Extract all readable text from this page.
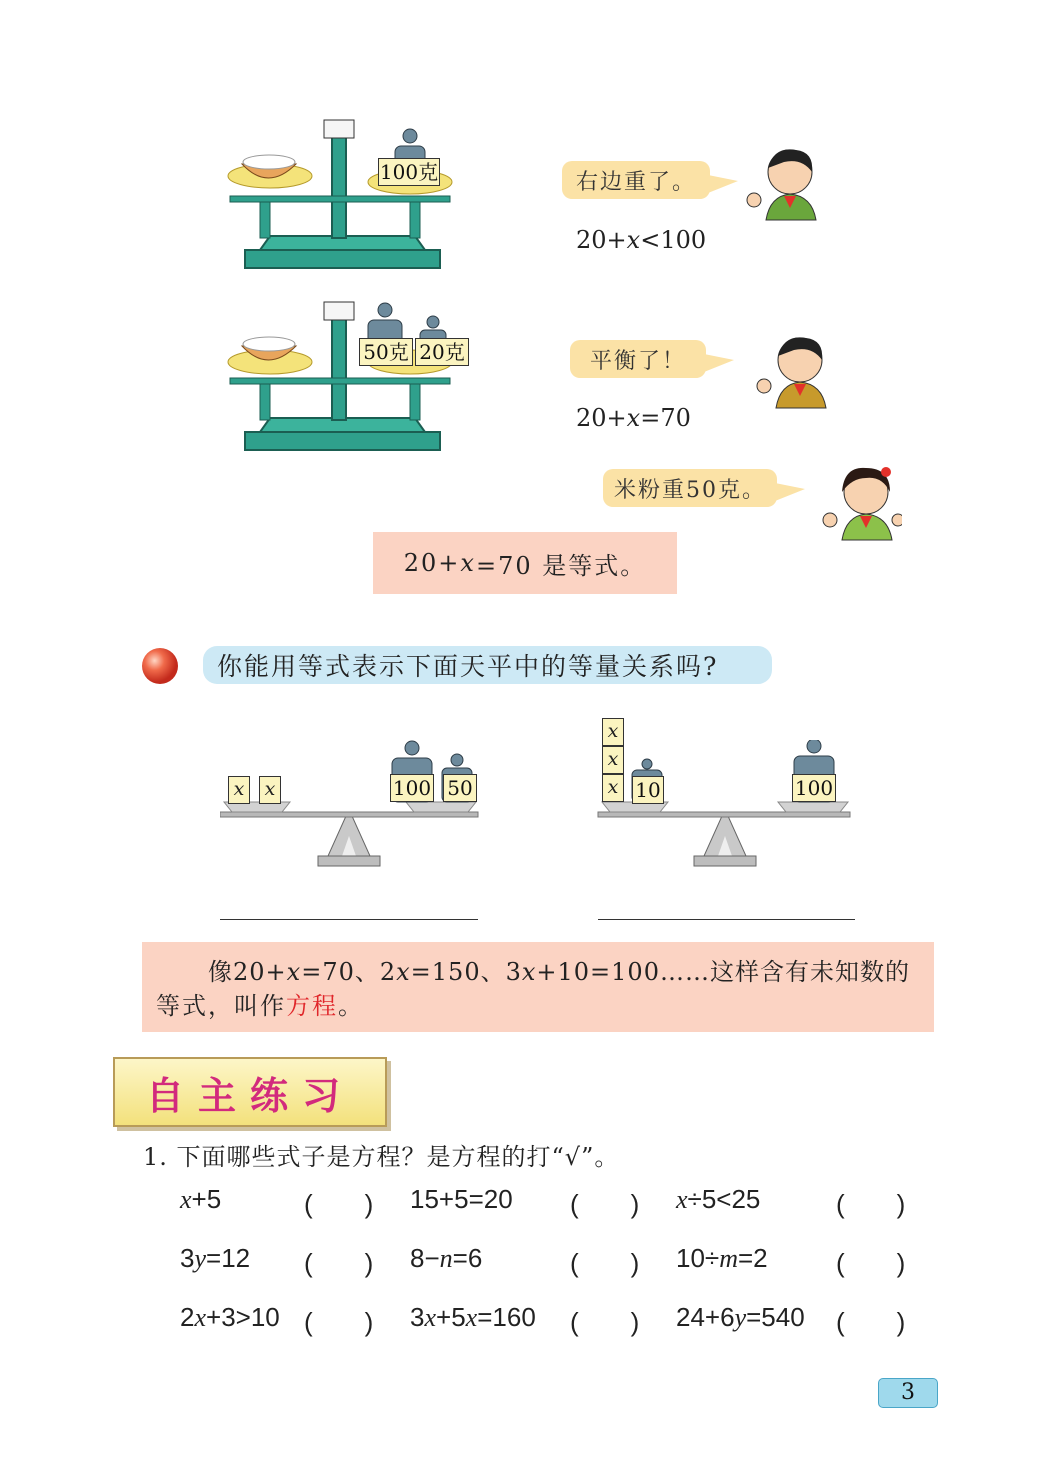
100克	右边重了。
20+x<100
50克 20克	平衡了！
20+x=70
米粉重50克。
20+ x =70 是等式。
你能用等式表示下面天平中的等量关系吗?
x x	100 50
x
x
x 10	100
像20+x=70、2x=150、3x+10=100……这样含有未知数的
等式，叫作方程。
自主练习
1. 下面哪些式子是方程？是方程的打“√”。
x+5	(　　) 15+5=20 (　　) x÷5<25	(　　)
3y=12 (　　) 8−n=6	(　　) 10÷m=2	(　　)
2x+3>10 (　　) 3x+5x=160 (　　) 24+6y=540 (　　)
3
